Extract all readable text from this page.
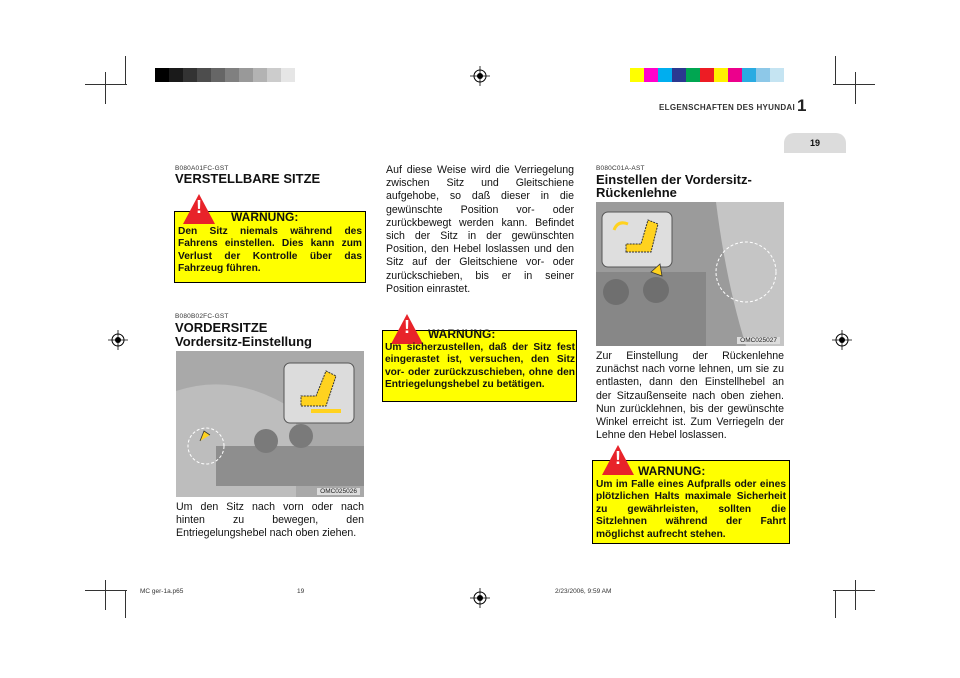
ELGENSCHAFTEN DES HYUNDAI 1
19
B080A01FC-GST
VERSTELLBARE SITZE
!	WARNUNG:
Den Sitz niemals während des Fahrens einstellen. Dies kann zum Verlust der Kontrolle über das Fahrzeug führen.
B080B02FC-GST
VORDERSITZE
Vordersitz-Einstellung
OMC025026
Um den Sitz nach vorn oder nach hinten zu bewegen, den Entriegelungshebel nach oben ziehen.
Auf diese Weise wird die Verriegelung zwischen Sitz und Gleitschiene aufgehobe, so daß dieser in die gewünschte Position vor- oder zurückbewegt werden kann. Befindet sich der Sitz in der gewünschten Position, den Hebel loslassen und den Sitz auf der Gleitschiene vor- oder zurückschieben, bis er in seiner Position einrastet.
!	WARNUNG:
Um sicherzustellen, daß der Sitz fest eingerastet ist, versuchen, den Sitz vor- oder zurückzuschieben, ohne den Entriegelungshebel zu betätigen.
B080C01A-AST
Einstellen der Vordersitz-
Rückenlehne
OMC025027
Zur Einstellung der Rückenlehne zunächst nach vorne lehnen, um sie zu entlasten, dann den Einstellhebel an der Sitzaußenseite nach oben ziehen. Nun zurücklehnen, bis der gewünschte Winkel erreicht ist. Zum Verriegeln der Lehne den Hebel loslassen.
!
WARNUNG:
Um im Falle eines Aufpralls oder eines plötzlichen Halts maximale Sicherheit zu gewährleisten, sollten die Sitzlehnen während der Fahrt möglichst aufrecht stehen.
MC ger-1a.p65	19	2/23/2006, 9:59 AM
